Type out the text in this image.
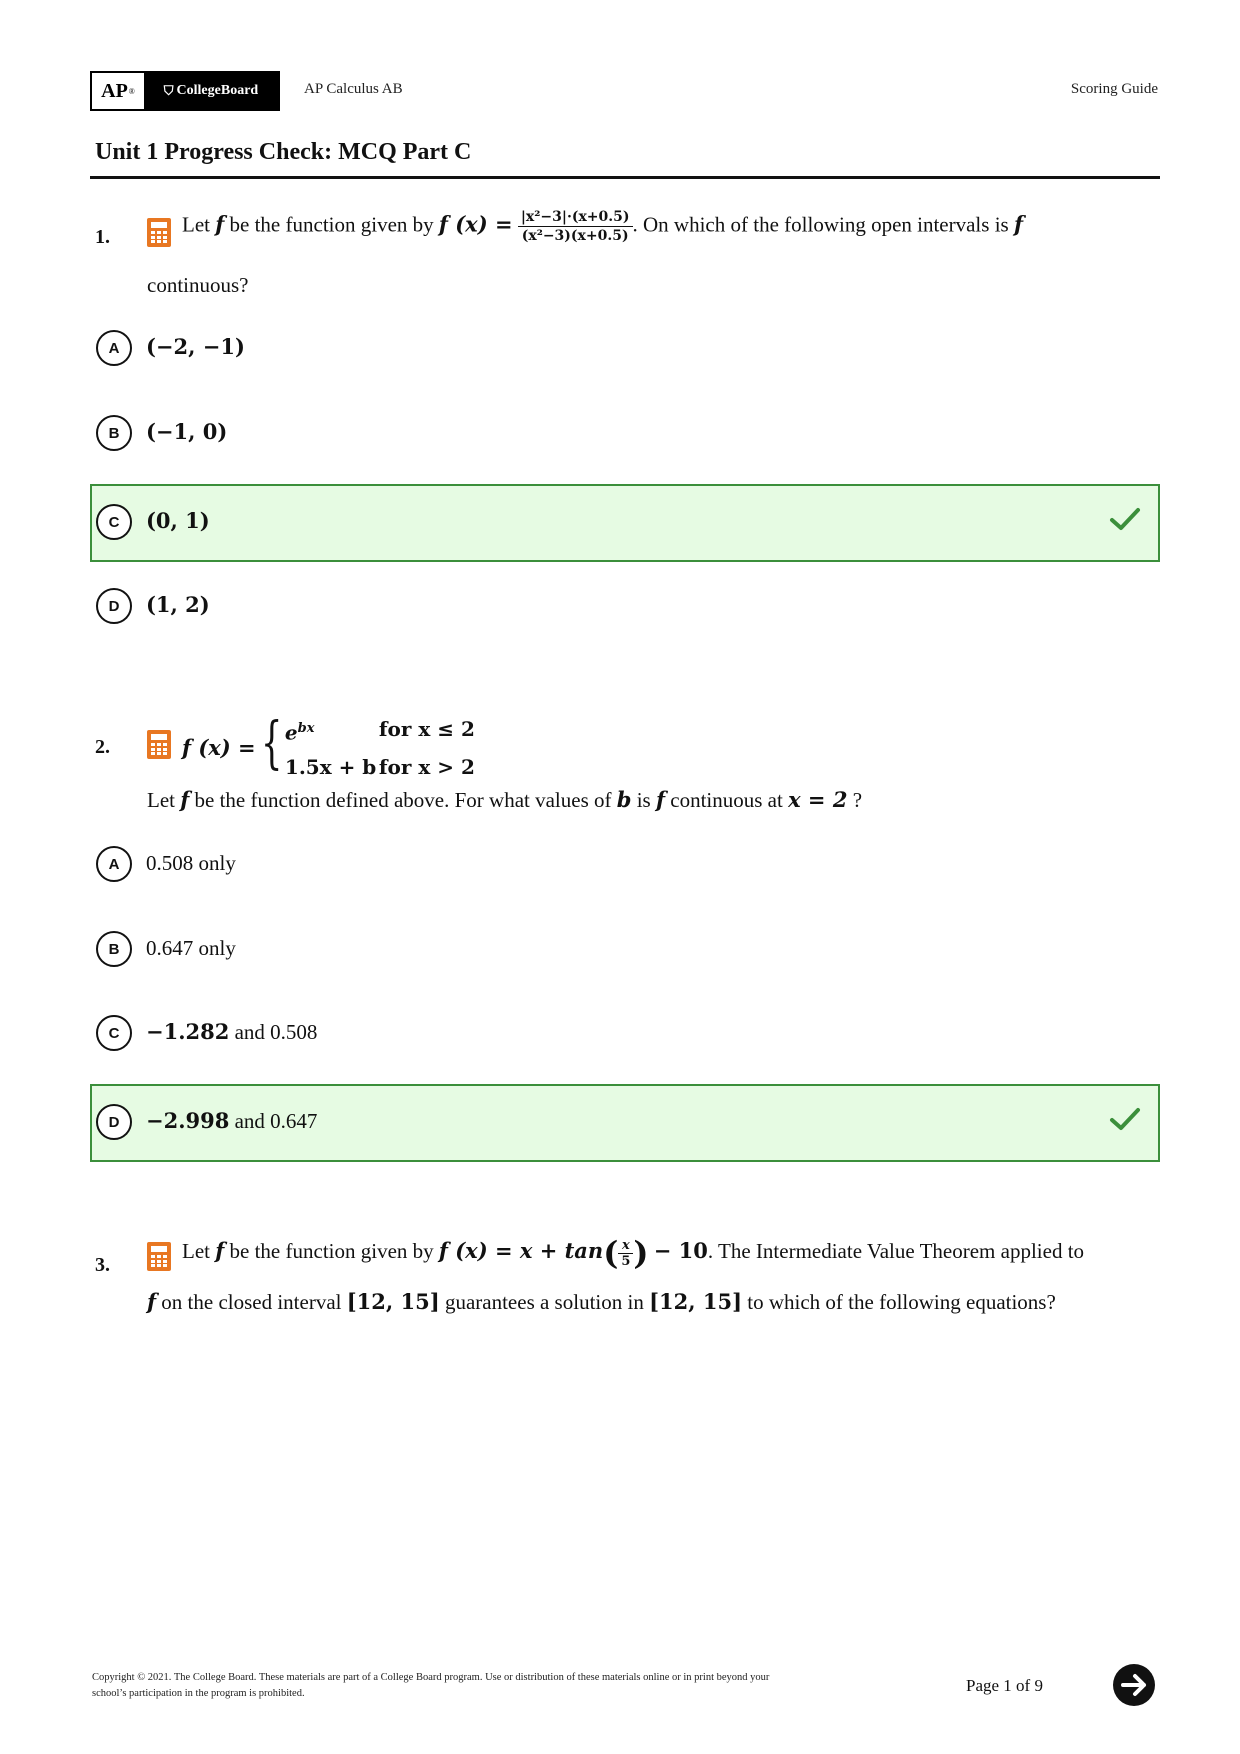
AP ® ⛉ CollegeBoard	AP Calculus AB	Scoring Guide
Unit 1 Progress Check: MCQ Part C
1.
Let f be the function given by f $(x) = \frac{\text{|x²−3|·(x+0.5)}}{\text{(x²−3)(x+0.5)}}$ . On which of the following open intervals is f
continuous?
A	(−2, −1)
B	(−1, 0)
C	(0, 1)
D	(1, 2)
2.	f (x) = { $e^{bx}$	for x ≤ 2
1.5x + b for x > 2
Let f be the function defined above. For what values of b is f continuous at x = 2 ?
A	0.508 only
B	0.647 only
C	−1.282 and 0.508
D	−2.998 and 0.647
3.
Let f be the function given by f $(x) = x + \tan( \frac{x}{5}$ ) − 10. The Intermediate Value Theorem applied to
f on the closed interval [12, 15] guarantees a solution in [12, 15] to which of the following equations?
Copyright © 2021. The College Board. These materials are part of a College Board program. Use or distribution of these materials online or in print beyond your school’s participation in the program is prohibited.	Page 1 of 9
